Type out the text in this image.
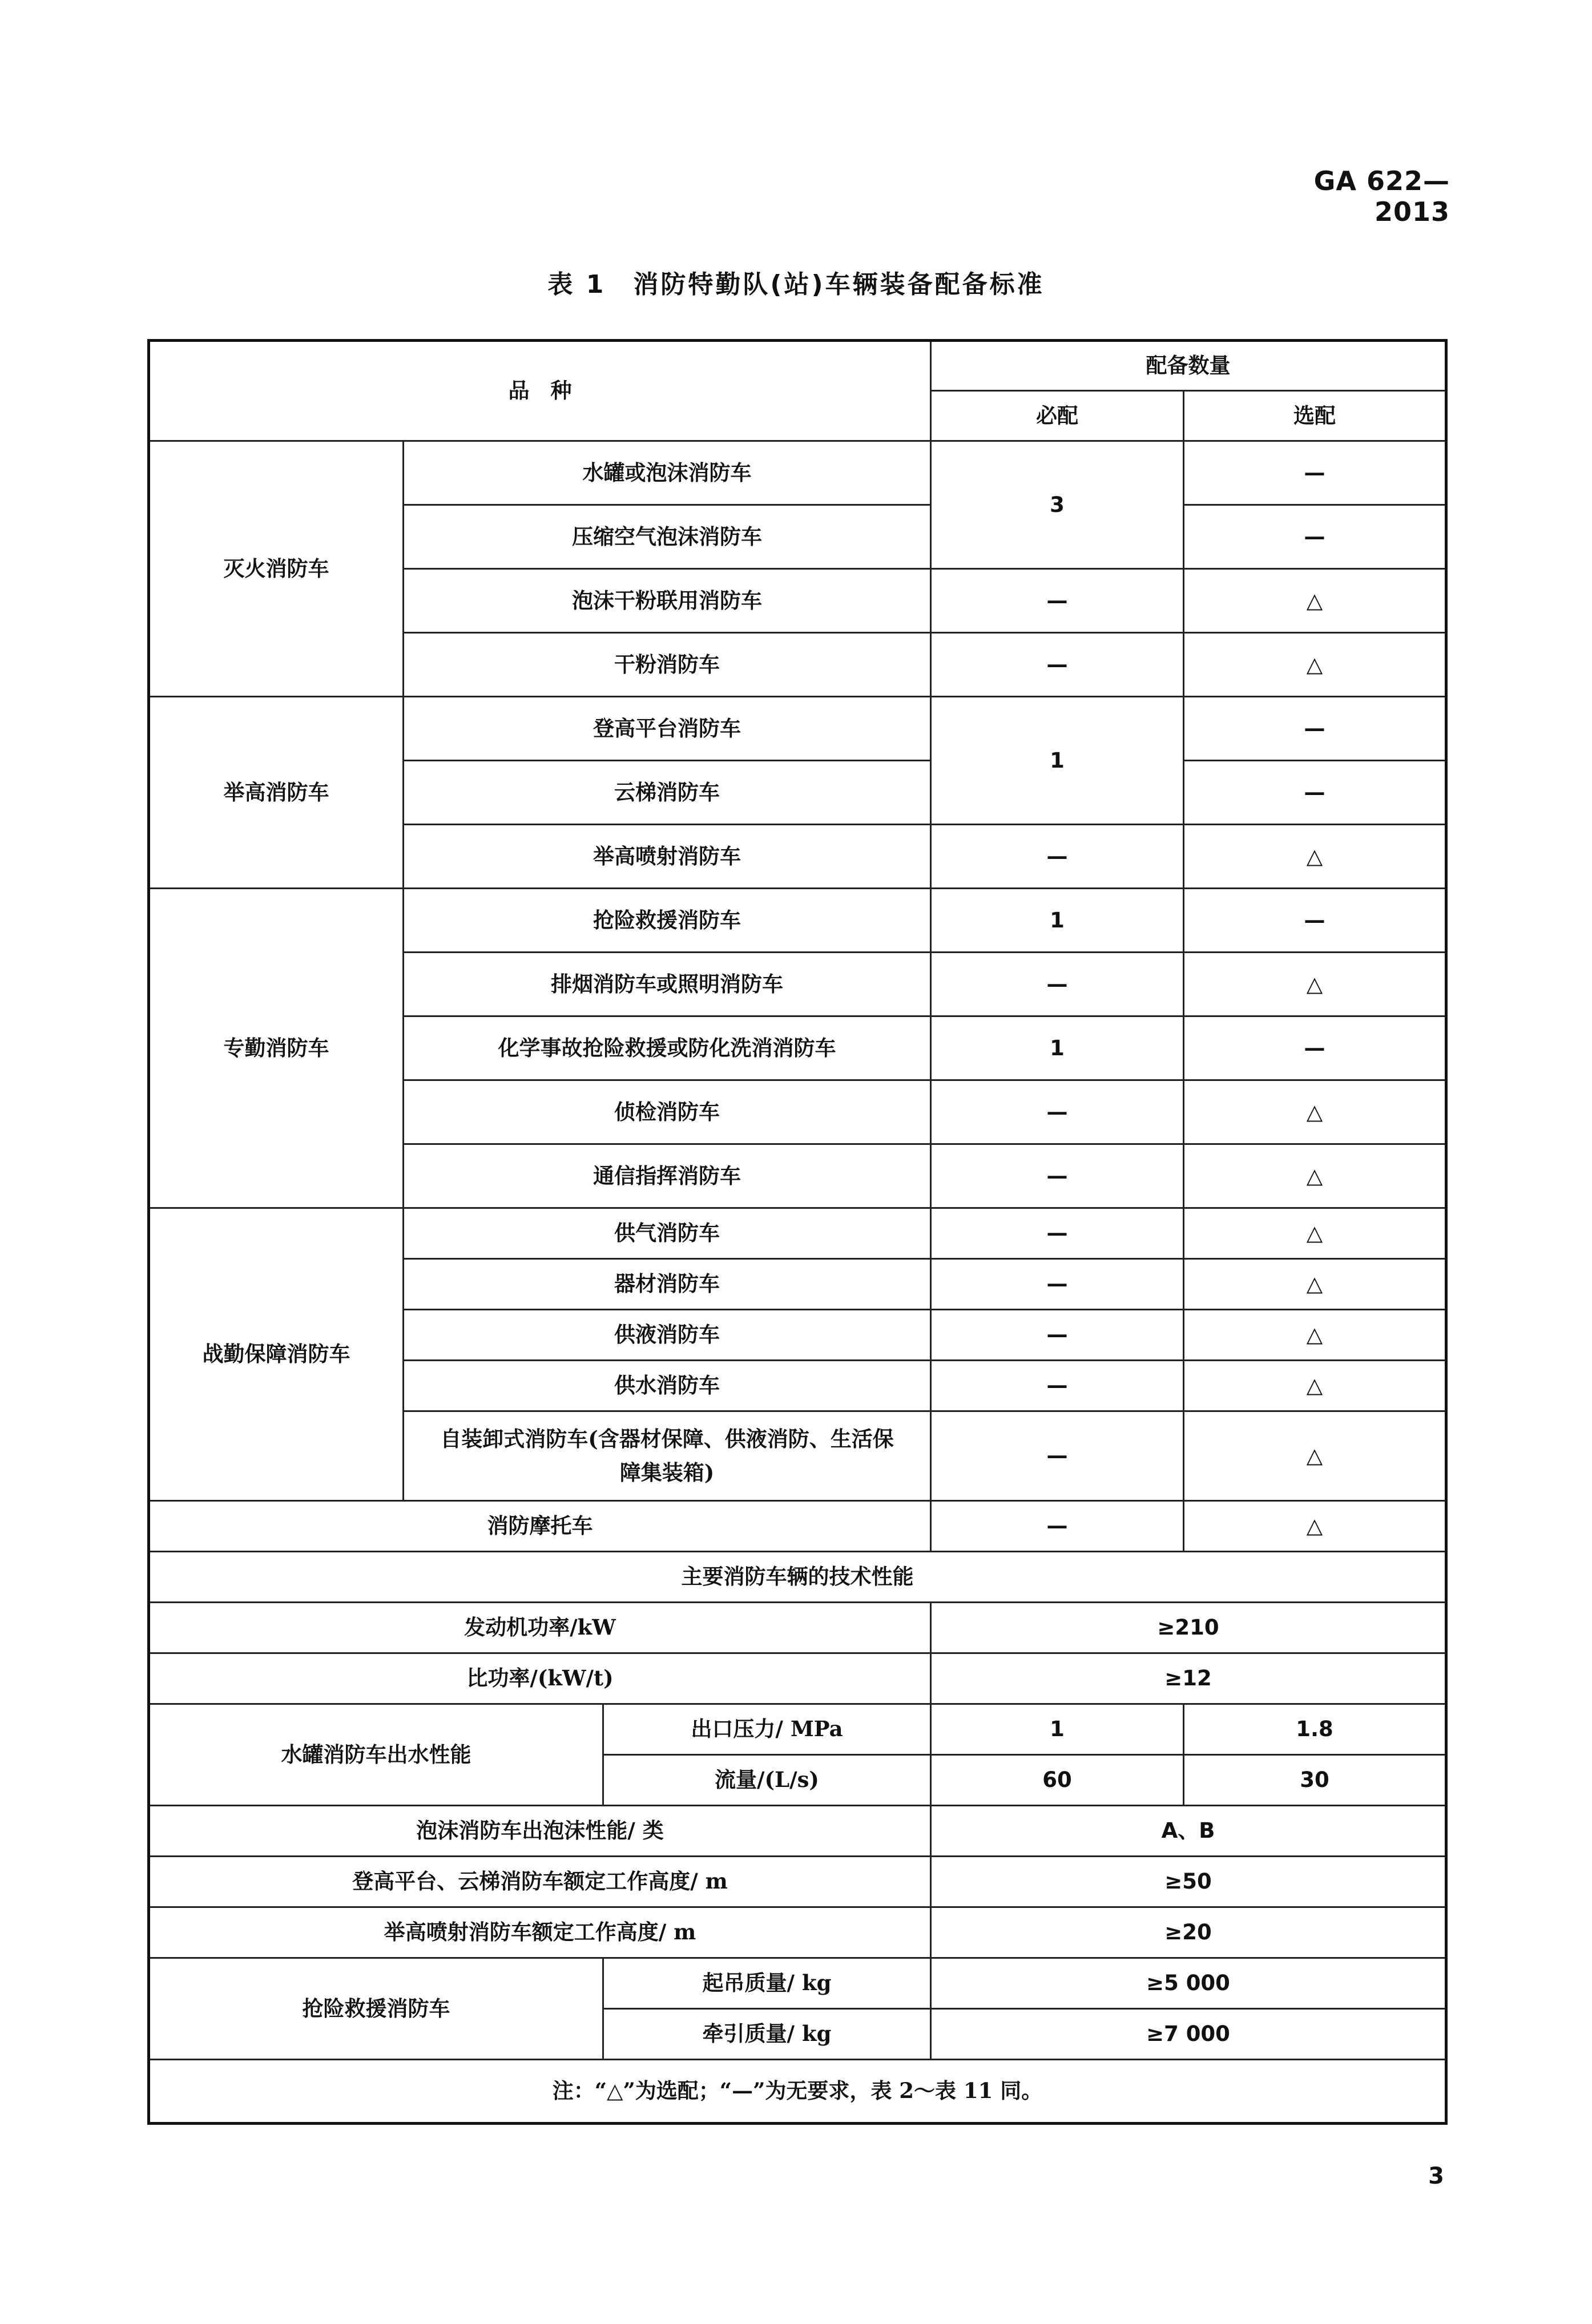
GA 622—2013
表 1　消防特勤队(站)车辆装备配备标准
品　种			配备数量	
			必配	选配
灭火消防车	水罐或泡沫消防车		3	—
	压缩空气泡沫消防车			—
	泡沫干粉联用消防车		—	△
	干粉消防车		—	△
举高消防车	登高平台消防车		1	—
	云梯消防车			—
	举高喷射消防车		—	△
专勤消防车	抢险救援消防车		1	—
	排烟消防车或照明消防车		—	△
	化学事故抢险救援或防化洗消消防车		1	—
	侦检消防车		—	△
	通信指挥消防车		—	△
战勤保障消防车	供气消防车		—	△
	器材消防车		—	△
	供液消防车		—	△
	供水消防车		—	△
	自装卸式消防车(含器材保障、供液消防、生活保障集装箱)		—	△
消防摩托车			—	△
主要消防车辆的技术性能				
发动机功率/kW			≥210	
比功率/(kW/t)			≥12	
水罐消防车出水性能		出口压力/ MPa	1	1.8
		流量/(L/s)	60	30
泡沫消防车出泡沫性能/ 类			A、B	
登高平台、云梯消防车额定工作高度/ m			≥50	
举高喷射消防车额定工作高度/ m			≥20	
抢险救援消防车		起吊质量/ kg	≥5 000	
		牵引质量/ kg	≥7 000	
注：“△”为选配；“—”为无要求，表 2～表 11 同。				
3
